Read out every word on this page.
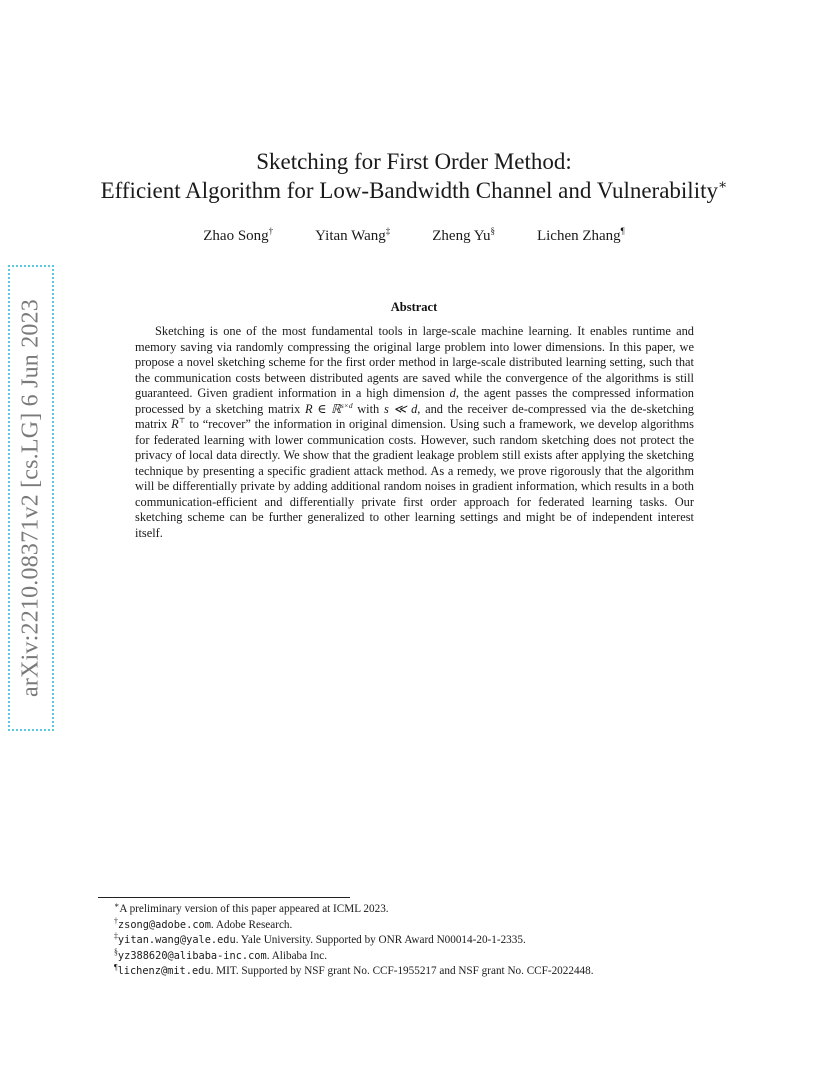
arXiv:2210.08371v2 [cs.LG] 6 Jun 2023
Sketching for First Order Method:
Efficient Algorithm for Low-Bandwidth Channel and Vulnerability∗
Zhao Song†	Yitan Wang‡	Zheng Yu§	Lichen Zhang¶
Abstract
Sketching is one of the most fundamental tools in large-scale machine learning. It enables runtime and memory saving via randomly compressing the original large problem into lower dimensions. In this paper, we propose a novel sketching scheme for the first order method in large-scale distributed learning setting, such that the communication costs between distributed agents are saved while the convergence of the algorithms is still guaranteed. Given gradient information in a high dimension d, the agent passes the compressed information processed by a sketching matrix R ∈ ℝ$^{s\times d}$ with s ≪ d, and the receiver de-compressed via the de-sketching matrix R⊤ to “recover” the information in original dimension. Using such a framework, we develop algorithms for federated learning with lower communication costs. However, such random sketching does not protect the privacy of local data directly. We show that the gradient leakage problem still exists after applying the sketching technique by presenting a specific gradient attack method. As a remedy, we prove rigorously that the algorithm will be differentially private by adding additional random noises in gradient information, which results in a both communication-efficient and differentially private first order approach for federated learning tasks. Our sketching scheme can be further generalized to other learning settings and might be of independent interest itself.
∗A preliminary version of this paper appeared at ICML 2023.
†zsong@adobe.com. Adobe Research.
‡yitan.wang@yale.edu. Yale University. Supported by ONR Award N00014-20-1-2335.
§yz388620@alibaba-inc.com. Alibaba Inc.
¶lichenz@mit.edu. MIT. Supported by NSF grant No. CCF-1955217 and NSF grant No. CCF-2022448.
